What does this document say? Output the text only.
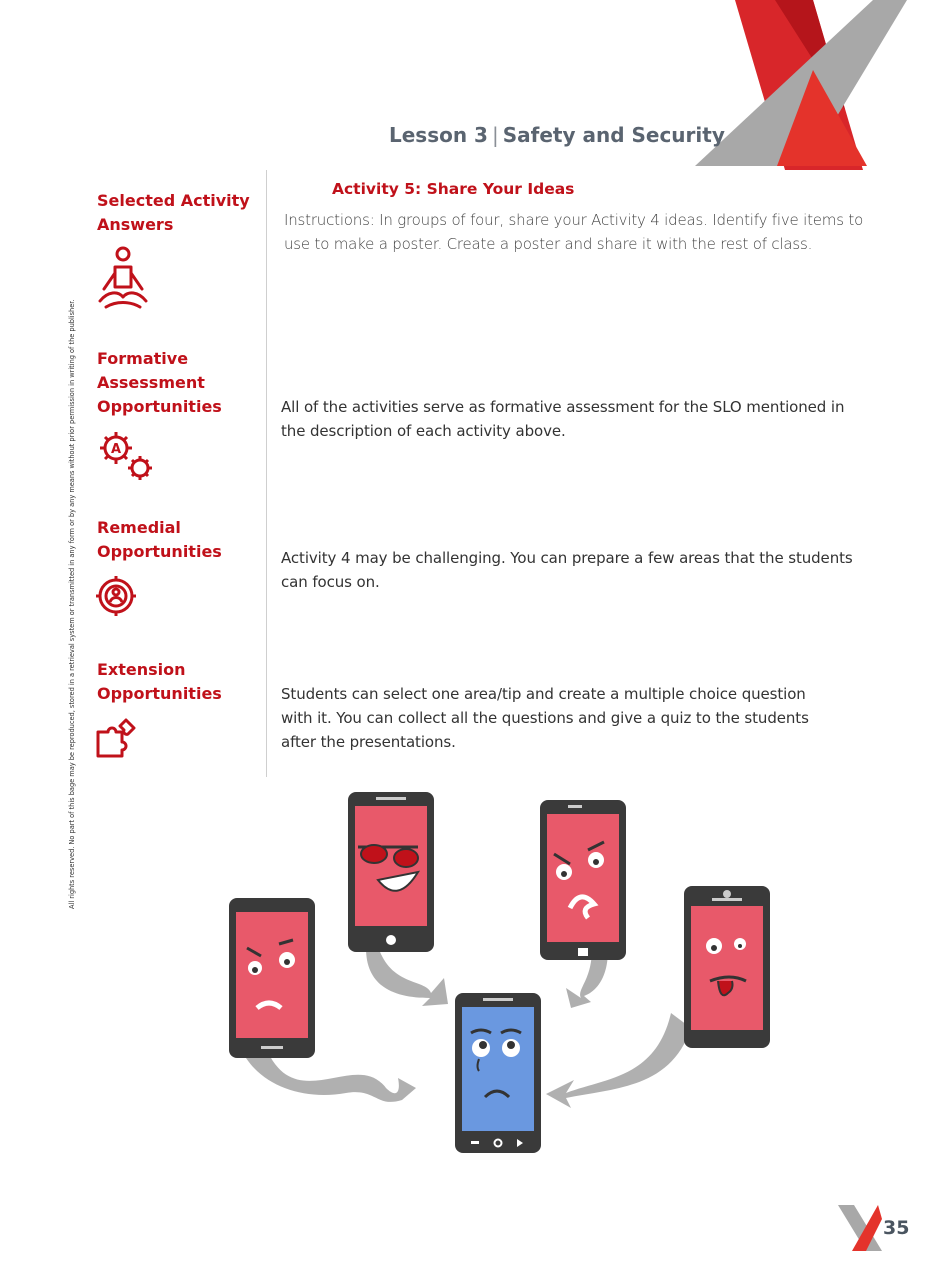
Lesson 3 | Safety and Security
All rights reserved. No part of this bage may be reproduced, stored in a retrieval system or transmitted in any form or by any means without prior permission in writing of the publisher.
Selected Activity Answers
Formative Assessment Opportunities
Remedial Opportunities
Extension Opportunities
A
Activity 5: Share Your Ideas
Instructions: In groups of four, share your Activity 4 ideas. Identify five items to use to make a poster. Create a poster and share it with the rest of class.
All of the activities serve as formative assessment for the SLO mentioned in the description of each activity above.
Activity 4 may be challenging. You can prepare a few areas that the students can focus on.
Students can select one area/tip and create a multiple choice question with it. You can collect all the questions and give a quiz to the students after the presentations.
35
